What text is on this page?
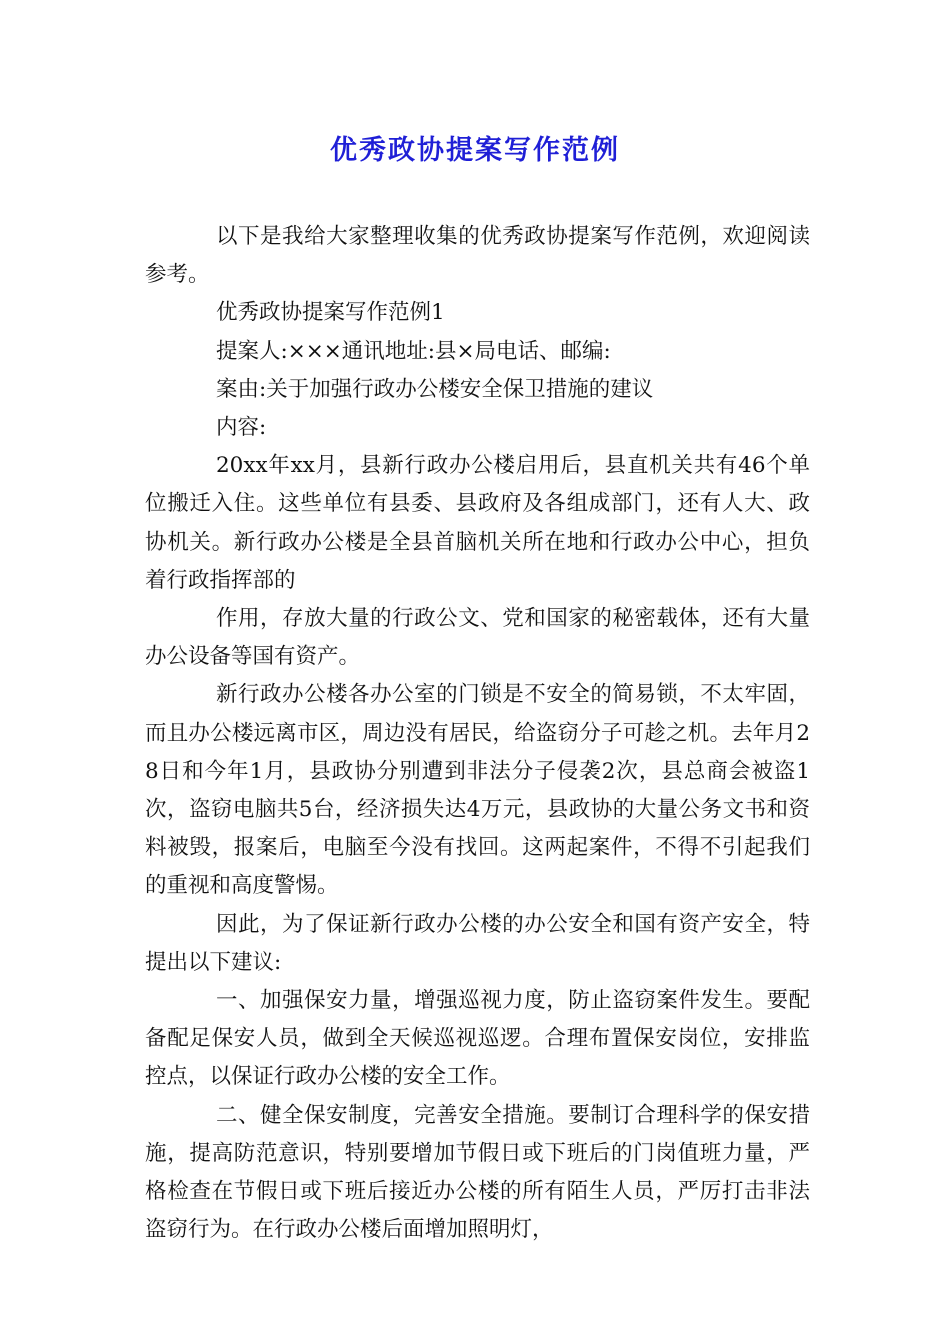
优秀政协提案写作范例

以下是我给大家整理收集的优秀政协提案写作范例，欢迎阅读参考。

优秀政协提案写作范例1

提案人:×××通讯地址:县×局电话、邮编:

案由:关于加强行政办公楼安全保卫措施的建议

内容:

20xx年xx月，县新行政办公楼启用后，县直机关共有46个单位搬迁入住。这些单位有县委、县政府及各组成部门，还有人大、政协机关。新行政办公楼是全县首脑机关所在地和行政办公中心，担负着行政指挥部的

作用，存放大量的行政公文、党和国家的秘密载体，还有大量办公设备等国有资产。

新行政办公楼各办公室的门锁是不安全的简易锁，不太牢固，而且办公楼远离市区，周边没有居民，给盗窃分子可趁之机。去年月28日和今年1月，县政协分别遭到非法分子侵袭2次，县总商会被盗1次，盗窃电脑共5台，经济损失达4万元，县政协的大量公务文书和资料被毁，报案后，电脑至今没有找回。这两起案件，不得不引起我们的重视和高度警惕。

因此，为了保证新行政办公楼的办公安全和国有资产安全，特提出以下建议:

一、加强保安力量，增强巡视力度，防止盗窃案件发生。要配备配足保安人员，做到全天候巡视巡逻。合理布置保安岗位，安排监控点，以保证行政办公楼的安全工作。

二、健全保安制度，完善安全措施。要制订合理科学的保安措施，提高防范意识，特别要增加节假日或下班后的门岗值班力量，严格检查在节假日或下班后接近办公楼的所有陌生人员，严厉打击非法盗窃行为。在行政办公楼后面增加照明灯，
